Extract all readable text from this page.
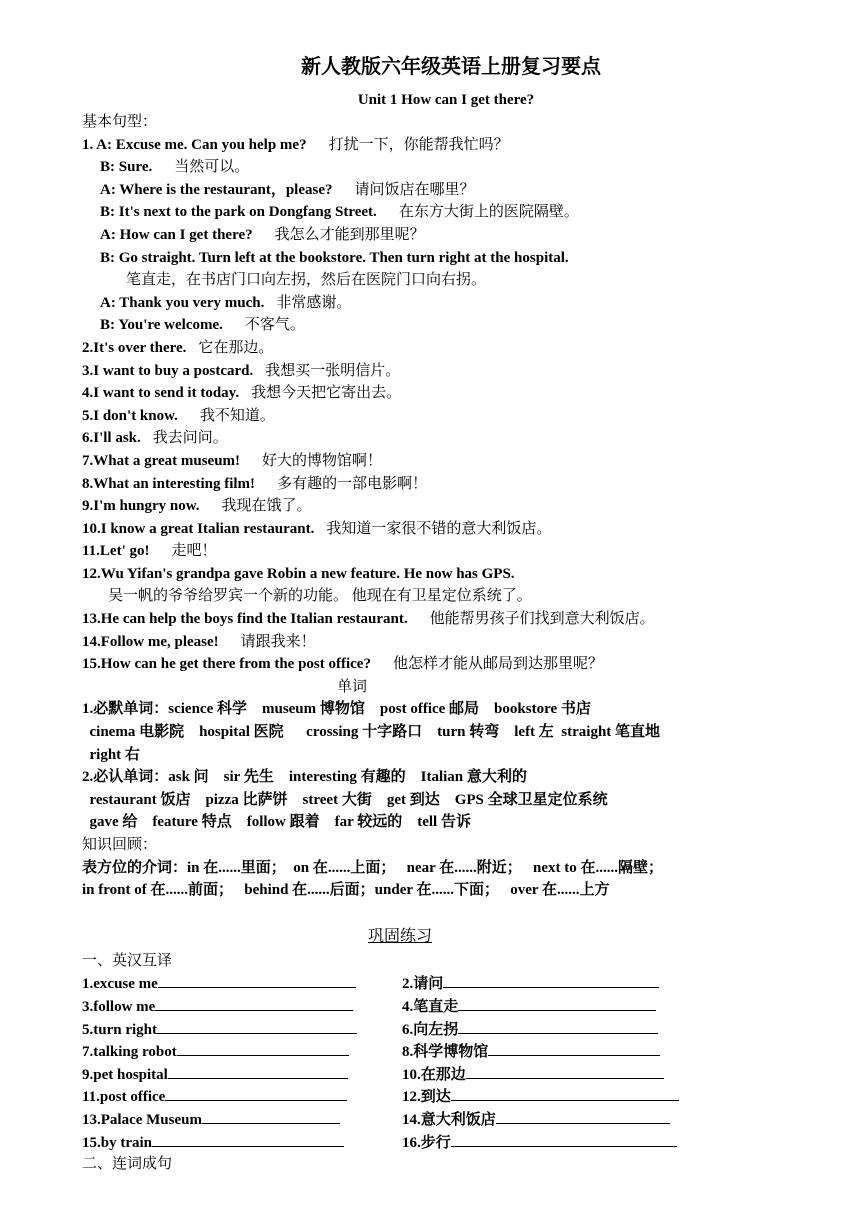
新人教版六年级英语上册复习要点
Unit 1 How can I get there?
基本句型：
1. A: Excuse me. Can you help me? 打扰一下，你能帮我忙吗？
B: Sure. 当然可以。
A: Where is the restaurant，please? 请问饭店在哪里？
B: It's next to the park on Dongfang Street. 在东方大街上的医院隔壁。
A: How can I get there? 我怎么才能到那里呢？
B: Go straight. Turn left at the bookstore. Then turn right at the hospital.
笔直走，在书店门口向左拐，然后在医院门口向右拐。
A: Thank you very much. 非常感谢。
B: You're welcome. 不客气。
2.It's over there. 它在那边。
3.I want to buy a postcard. 我想买一张明信片。
4.I want to send it today. 我想今天把它寄出去。
5.I don't know. 我不知道。
6.I'll ask. 我去问问。
7.What a great museum! 好大的博物馆啊！
8.What an interesting film! 多有趣的一部电影啊！
9.I'm hungry now. 我现在饿了。
10.I know a great Italian restaurant. 我知道一家很不错的意大利饭店。
11.Let' go! 走吧！
12.Wu Yifan's grandpa gave Robin a new feature. He now has GPS.
吴一帆的爷爷给罗宾一个新的功能。 他现在有卫星定位系统了。
13.He can help the boys find the Italian restaurant. 他能帮男孩子们找到意大利饭店。
14.Follow me, please! 请跟我来！
15.How can he get there from the post office? 他怎样才能从邮局到达那里呢？
单词
1.必默单词：science 科学    museum 博物馆    post office 邮局    bookstore 书店
cinema 电影院    hospital 医院      crossing 十字路口    turn 转弯    left 左  straight 笔直地
right 右
2.必认单词：ask 问    sir 先生    interesting 有趣的    Italian 意大利的
restaurant 饭店    pizza 比萨饼    street 大街    get 到达    GPS 全球卫星定位系统
gave 给    feature 特点    follow 跟着    far 较远的    tell 告诉
知识回顾：
表方位的介词：in 在......里面；  on 在......上面；   near 在......附近；   next to 在......隔壁；
in front of 在......前面；   behind 在......后面；under 在......下面；   over 在......上方
巩固练习
一、英汉互译
1.excuse me	2.请问
3.follow me	4.笔直走
5.turn right	6.向左拐
7.talking robot	8.科学博物馆
9.pet hospital	10.在那边
11.post office	12.到达
13.Palace Museum	14.意大利饭店
15.by train	16.步行
二、连词成句
